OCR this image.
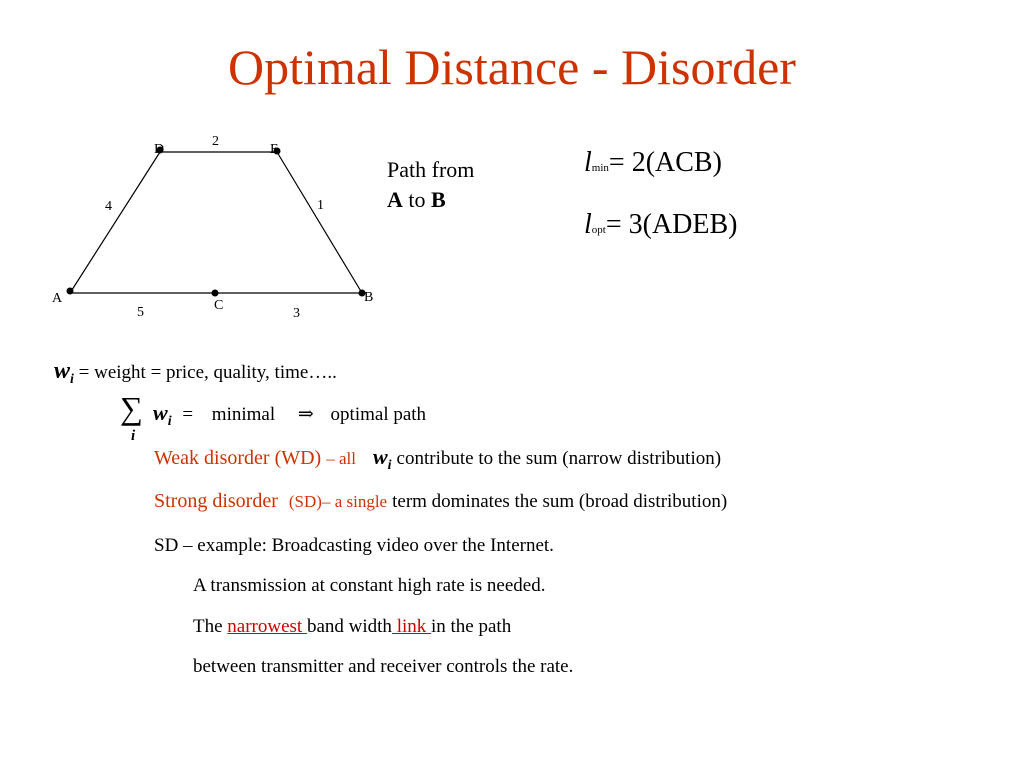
Optimal Distance - Disorder
D	E
A	B
C
2
4	1
5	3
Path from
A to B
lmin= 2(ACB)
lopt= 3(ADEB)
$w_i$ = weight = price, quality, time…..
∑
i
$w_i$ = minimal ⇒ optimal path
Weak disorder (WD) – all $w_i$ contribute to the sum (narrow distribution)
Strong disorder (SD)– a single term dominates the sum (broad distribution)
SD – example: Broadcasting video over the Internet.
A transmission at constant high rate is needed.
The narrowest band width link in the path
between transmitter and receiver controls the rate.
